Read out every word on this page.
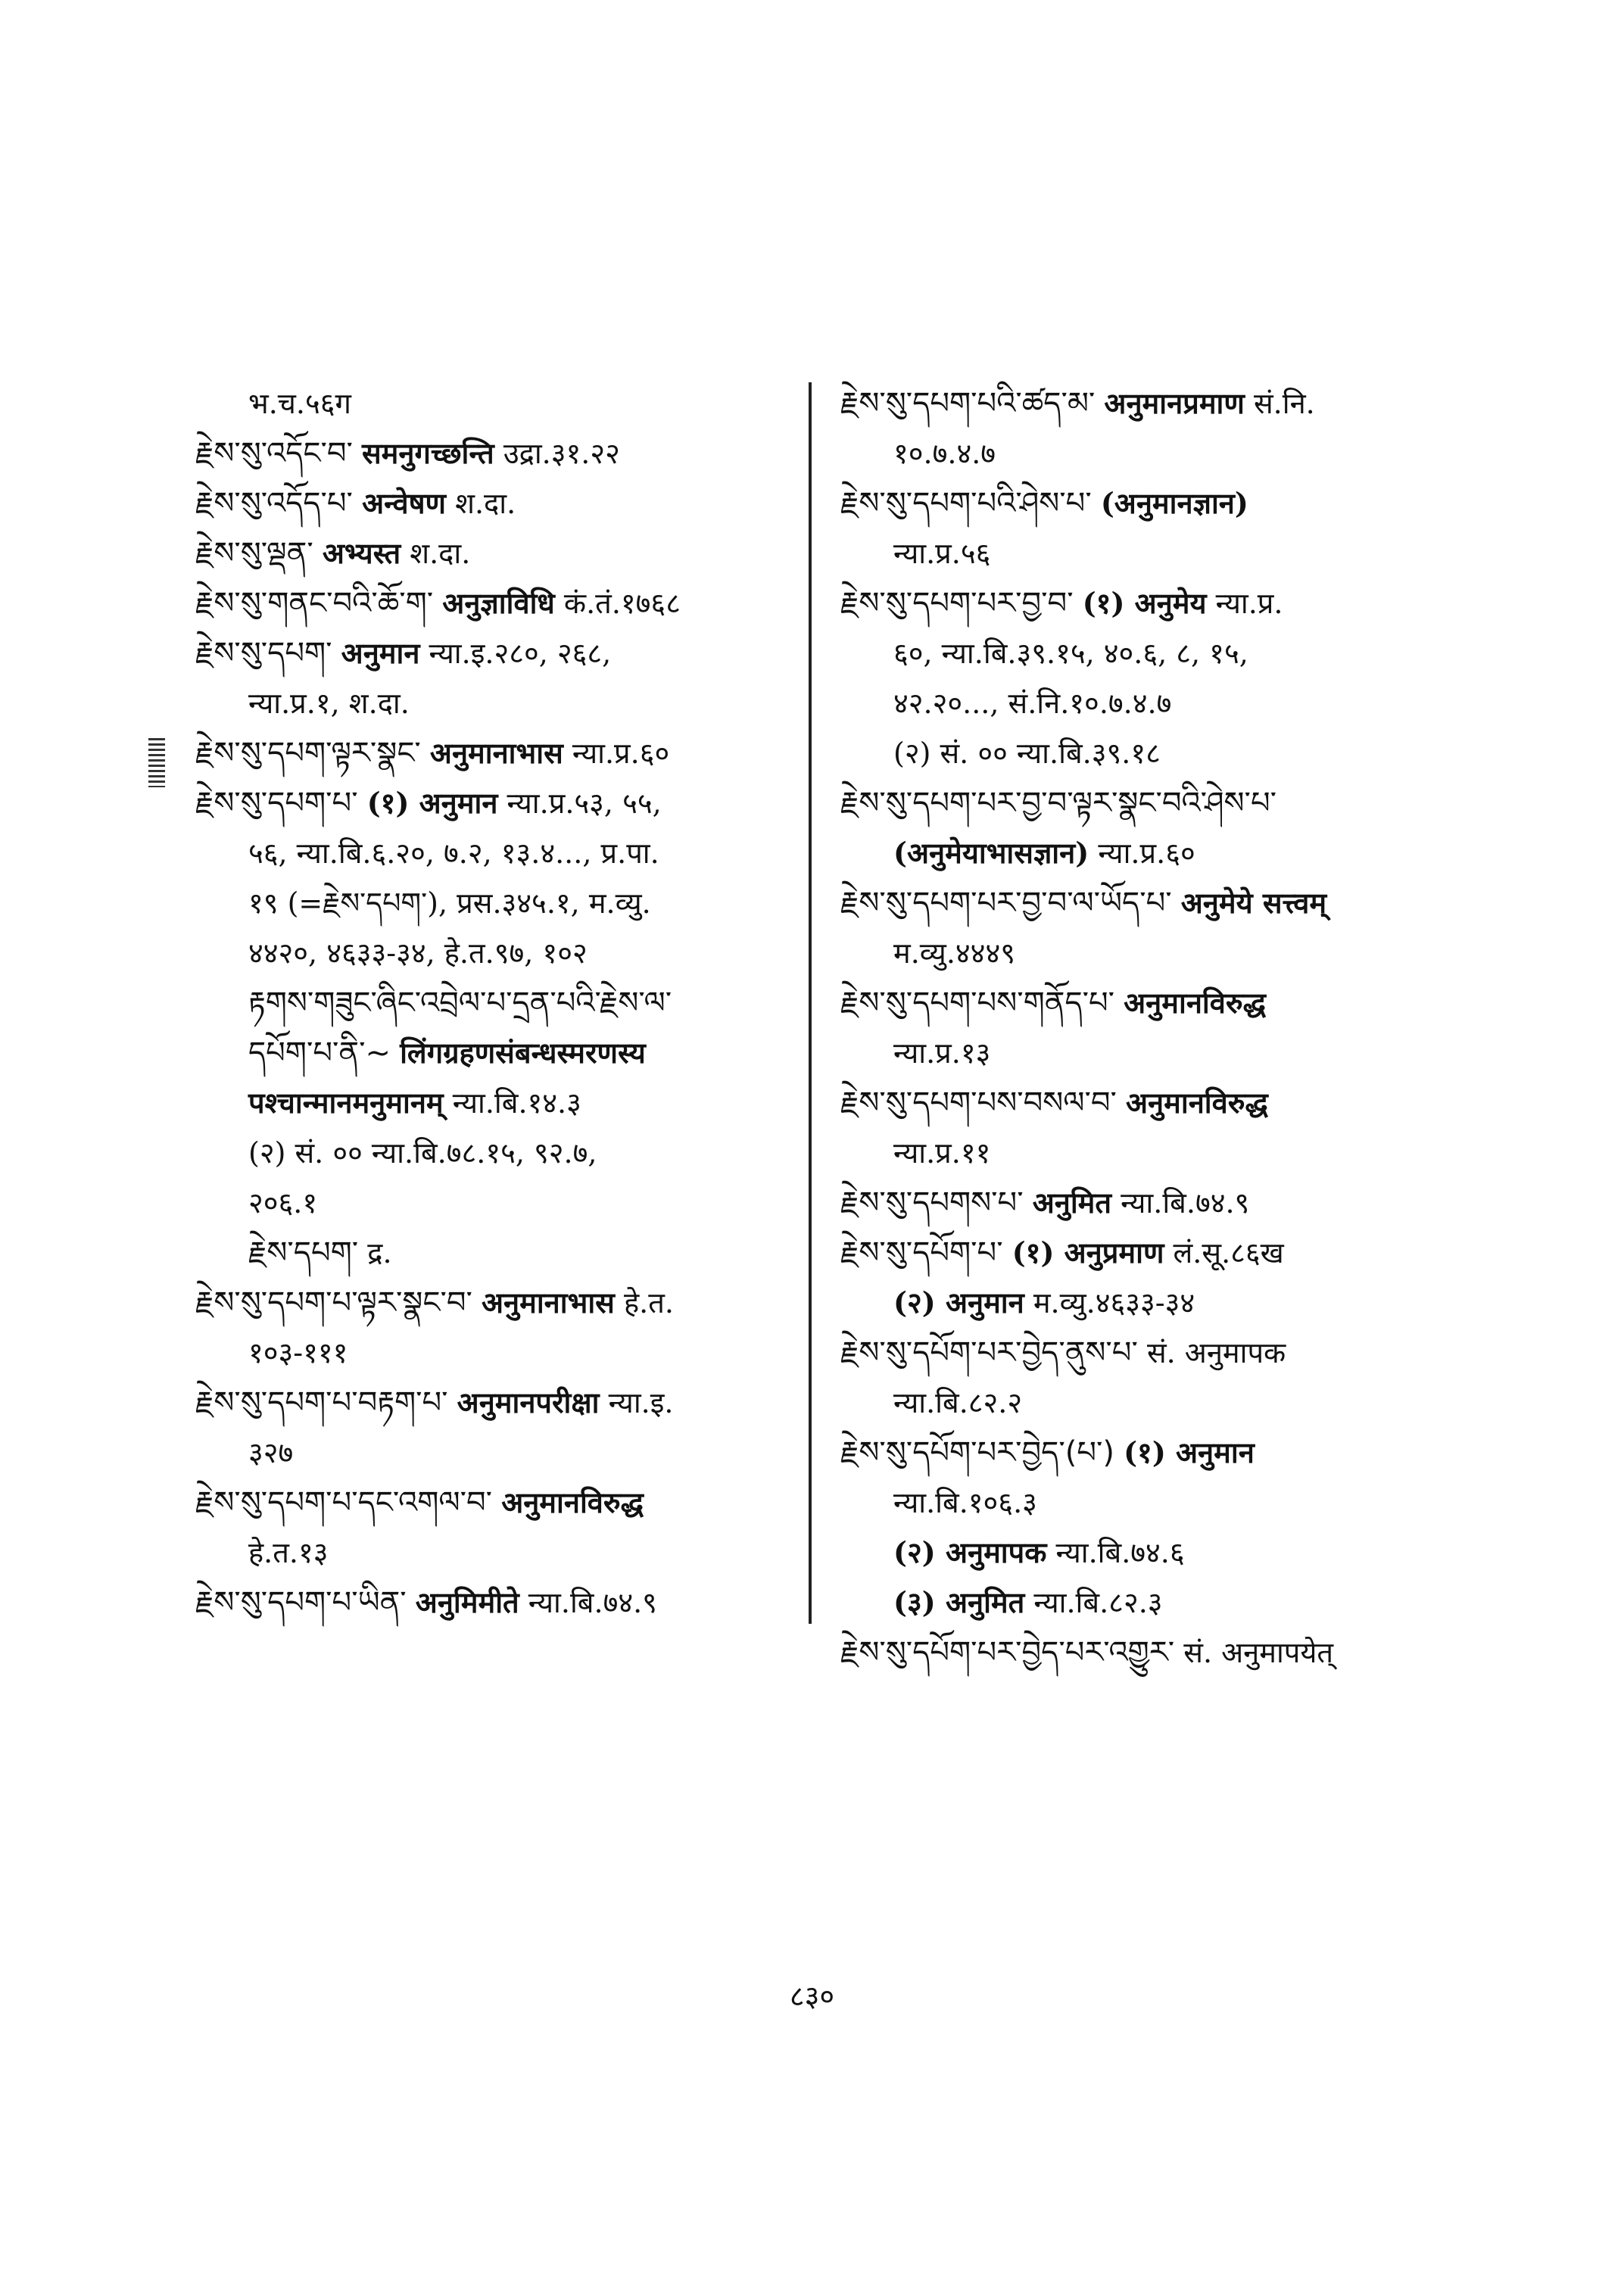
भ.च.५६ग
རྗེས་སུ་འདོང་བ་ समनुगच्छन्ति उद्रा.३१.२२
རྗེས་སུ་འདོད་པ་ अन्वेषण श.दा.
རྗེས་སུ་ལྡན་ अभ्यस्त श.दा.
རྗེས་སུ་གནང་བའི་ཆོ་ག་ अनुज्ञाविधि कं.तं.१७६८
རྗེས་སུ་དཔག་ अनुमान न्या.इ.२८०, २६८,
न्या.प्र.१, श.दा.
རྗེས་སུ་དཔག་ལྟར་སྣང་ अनुमानाभास न्या.प्र.६०
རྗེས་སུ་དཔག་པ་ (१) अनुमान न्या.प्र.५३, ५५,
५६, न्या.बि.६.२०, ७.२, १३.४..., प्र.पा.
१९ (=རྗེས་དཔག་), प्रस.३४५.१, म.व्यु.
४४२०, ४६३३-३४, हे.त.९७, १०२
རྟགས་གཟུང་ཞིང་འབྲེལ་པ་དྲན་པའི་རྗེས་ལ་
དཔོག་པ་ནི་~ लिंगग्रहणसंबन्धस्मरणस्य
पश्चान्मानमनुमानम् न्या.बि.१४.३
(२) सं. ०० न्या.बि.७८.१५, ९२.७,
२०६.१
རྗེས་དཔག་ द्र.
རྗེས་སུ་དཔག་པ་ལྟར་སྣང་བ་ अनुमानाभास हे.त.
१०३-१११
རྗེས་སུ་དཔག་པ་བརྟག་པ་ अनुमानपरीक्षा न्या.इ.
३२७
རྗེས་སུ་དཔག་པ་དང་འགལ་བ་ अनुमानविरुद्ध
हे.त.१३
རྗེས་སུ་དཔག་པ་ཡིན་ अनुमिमीते न्या.बि.७४.९
རྗེས་སུ་དཔག་པའི་ཚད་མ་ अनुमानप्रमाण सं.नि.
१०.७.४.७
རྗེས་སུ་དཔག་པའི་ཤེས་པ་ (अनुमानज्ञान)
न्या.प्र.५६
རྗེས་སུ་དཔག་པར་བྱ་བ་ (१) अनुमेय न्या.प्र.
६०, न्या.बि.३९.१५, ४०.६, ८, १५,
४२.२०..., सं.नि.१०.७.४.७
(२) सं. ०० न्या.बि.३९.१८
རྗེས་སུ་དཔག་པར་བྱ་བ་ལྟར་སྣང་བའི་ཤེས་པ་
(अनुमेयाभासज्ञान) न्या.प्र.६०
རྗེས་སུ་དཔག་པར་བྱ་བ་ལ་ཡོད་པ་ अनुमेये सत्त्वम्
म.व्यु.४४४९
རྗེས་སུ་དཔག་པས་གནོད་པ་ अनुमानविरुद्ध
न्या.प्र.१३
རྗེས་སུ་དཔག་པས་བསལ་བ་ अनुमानविरुद्ध
न्या.प्र.११
རྗེས་སུ་དཔགས་པ་ अनुमित न्या.बि.७४.९
རྗེས་སུ་དཔོག་པ་ (१) अनुप्रमाण लं.सू.८६ख
(२) अनुमान म.व्यु.४६३३-३४
རྗེས་སུ་དཔོག་པར་བྱེད་ནུས་པ་ सं. अनुमापक
न्या.बि.८२.२
རྗེས་སུ་དཔོག་པར་བྱེད་(པ་) (१) अनुमान
न्या.बि.१०६.३
(२) अनुमापक न्या.बि.७४.६
(३) अनुमित न्या.बि.८२.३
རྗེས་སུ་དཔོག་པར་བྱེད་པར་འགྱུར་ सं. अनुमापयेत्
८३०
